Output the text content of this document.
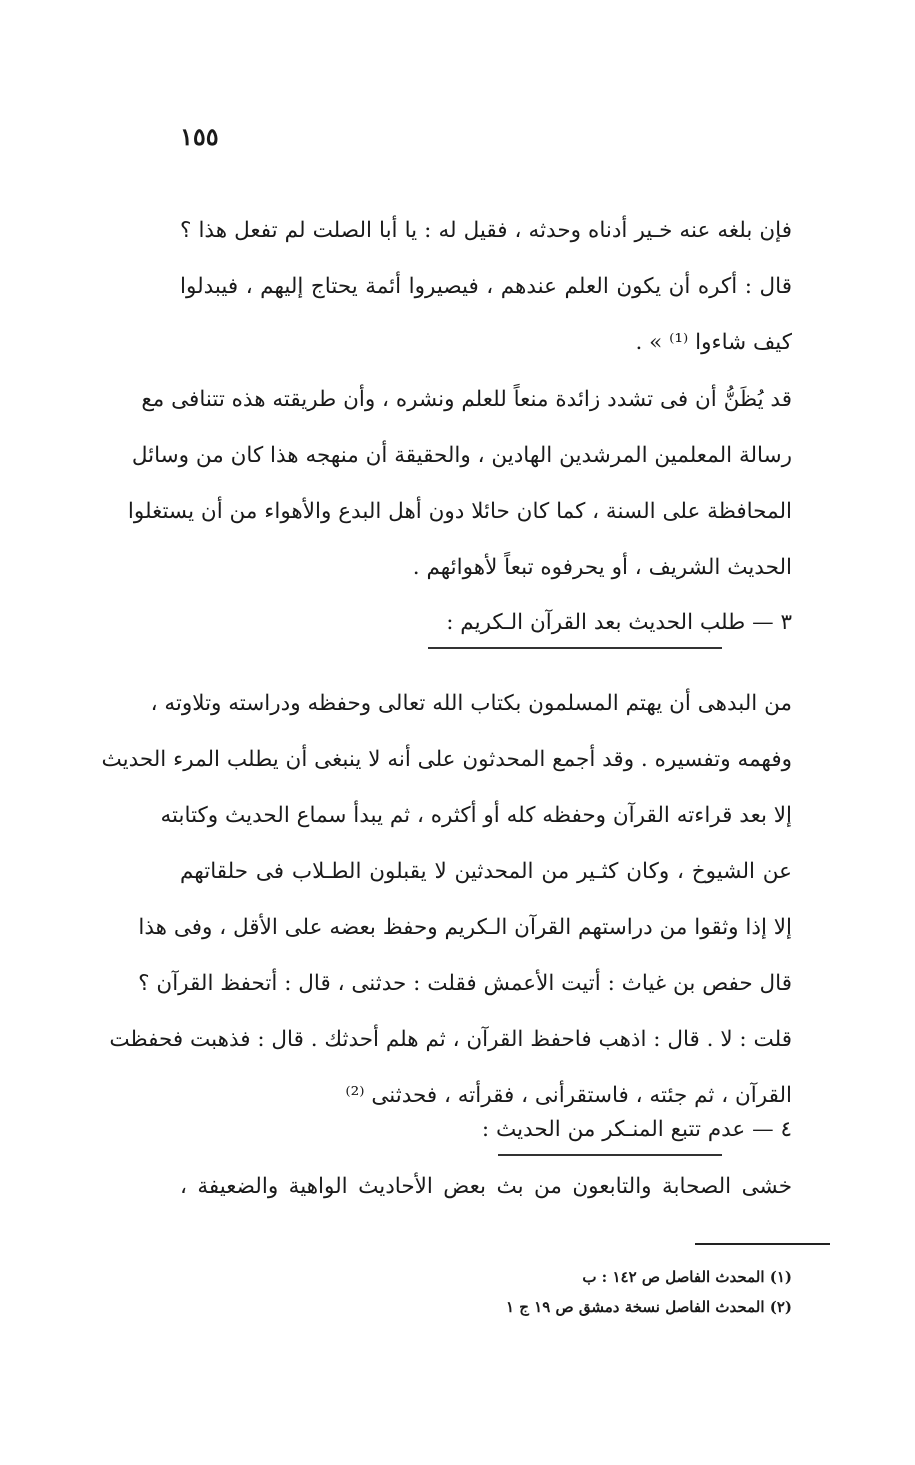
١٥٥
فإن بلغه عنه خـير أدناه وحدثه ، فقيل له : يا أبا الصلت لم تفعل هذا ؟
قال : أكره أن يكون العلم عندهم ، فيصيروا أئمة يحتاج إليهم ، فيبدلوا
كيف شاءوا ⁽¹⁾ » .
قد يُظَنُّ أن فى تشدد زائدة منعاً للعلم ونشره ، وأن طريقته هذه تتنافى مع
رسالة المعلمين المرشدين الهادين ، والحقيقة أن منهجه هذا كان من وسائل
المحافظة على السنة ، كما كان حائلا دون أهل البدع والأهواء من أن يستغلوا
الحديث الشريف ، أو يحرفوه تبعاً لأهوائهم .
٣ — طلب الحديث بعد القرآن الـكريم :
من البدهى أن يهتم المسلمون بكتاب الله تعالى وحفظه ودراسته وتلاوته ،
وفهمه وتفسيره . وقد أجمع المحدثون على أنه لا ينبغى أن يطلب المرء الحديث
إلا بعد قراءته القرآن وحفظه كله أو أكثره ، ثم يبدأ سماع الحديث وكتابته
عن الشيوخ ، وكان كثـير من المحدثين لا يقبلون الطـلاب فى حلقاتهم
إلا إذا وثقوا من دراستهم القرآن الـكريم وحفظ بعضه على الأقل ، وفى هذا
قال حفص بن غياث : أتيت الأعمش فقلت : حدثنى ، قال : أتحفظ القرآن ؟
قلت : لا . قال : اذهب فاحفظ القرآن ، ثم هلم أحدثك . قال : فذهبت فحفظت
القرآن ، ثم جئته ، فاستقرأنى ، فقرأته ، فحدثنى ⁽²⁾
٤ — عدم تتبع المنـكر من الحديث :
خشى الصحابة والتابعون من بث بعض الأحاديث الواهية والضعيفة ،
(١) المحدث الفاصل ص ١٤٢ : ب
(٢) المحدث الفاصل نسخة دمشق ص ١٩ ج ١
